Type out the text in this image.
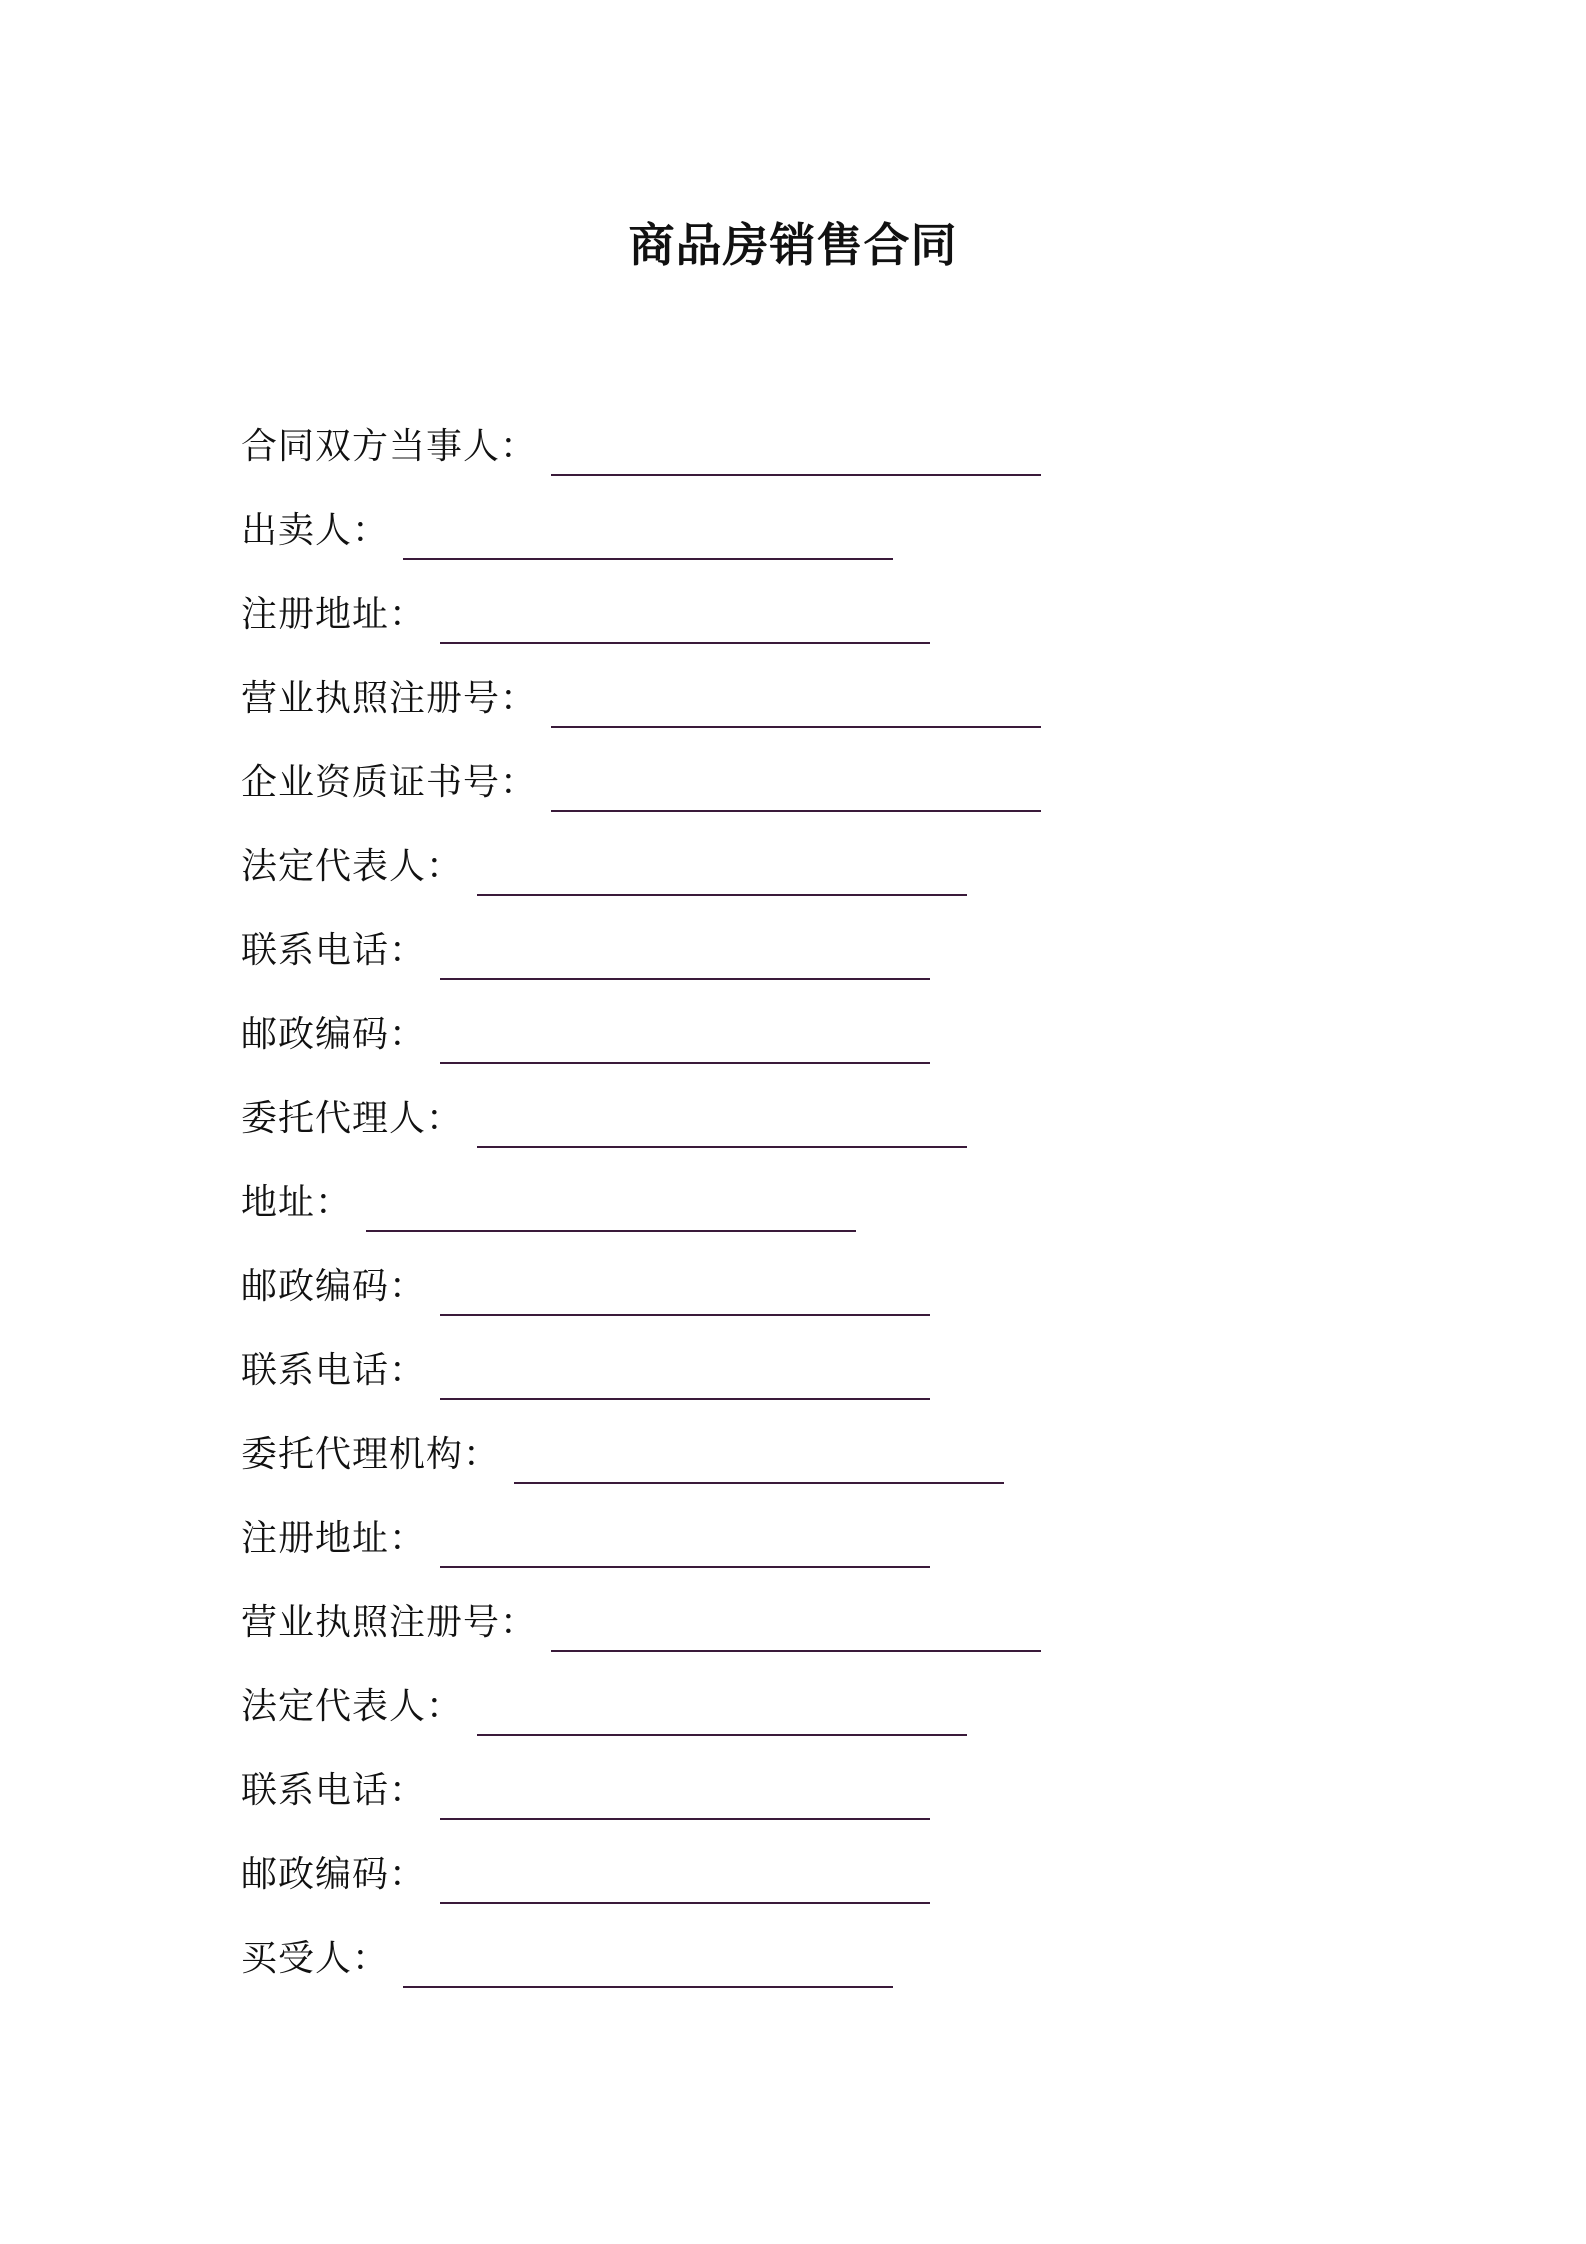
商品房销售合同
合同双方当事人：
出卖人：
注册地址：
营业执照注册号：
企业资质证书号：
法定代表人：
联系电话：
邮政编码：
委托代理人：
地址：
邮政编码：
联系电话：
委托代理机构：
注册地址：
营业执照注册号：
法定代表人：
联系电话：
邮政编码：
买受人：
